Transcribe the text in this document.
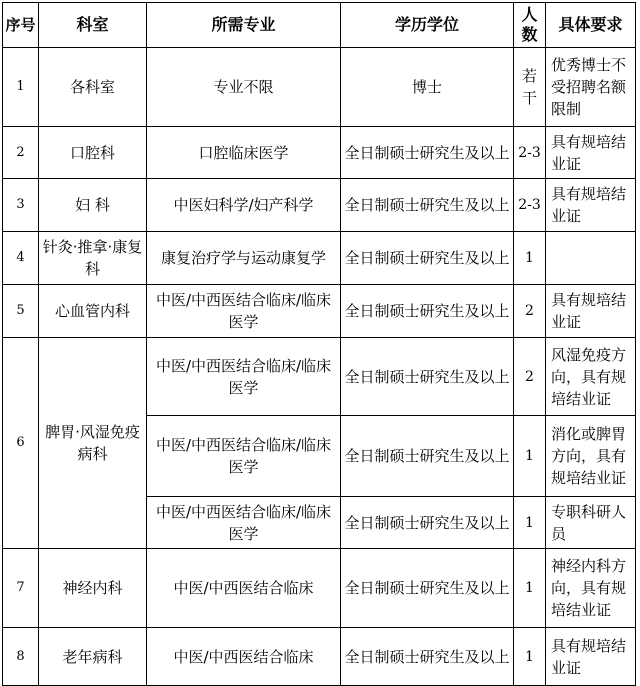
序号	科室	所需专业	学历学位	人数	具体要求
1	各科室	专业不限	博士	若干	优秀博士不受招聘名额限制
2	口腔科	口腔临床医学	全日制硕士研究生及以上	2-3	具有规培结业证
3	妇 科	中医妇科学/妇产科学	全日制硕士研究生及以上	2-3	具有规培结业证
4	针灸·推拿·康复科	康复治疗学与运动康复学	全日制硕士研究生及以上	1	
5	心血管内科	中医/中西医结合临床/临床医学	全日制硕士研究生及以上	2	具有规培结业证
6	脾胃·风湿免疫病科	中医/中西医结合临床/临床医学	全日制硕士研究生及以上	2	风湿免疫方向，具有规培结业证
		中医/中西医结合临床/临床医学	全日制硕士研究生及以上	1	消化或脾胃方向，具有规培结业证
		中医/中西医结合临床/临床医学	全日制硕士研究生及以上	1	专职科研人员
7	神经内科	中医/中西医结合临床	全日制硕士研究生及以上	1	神经内科方向，具有规培结业证
8	老年病科	中医/中西医结合临床	全日制硕士研究生及以上	1	具有规培结业证
